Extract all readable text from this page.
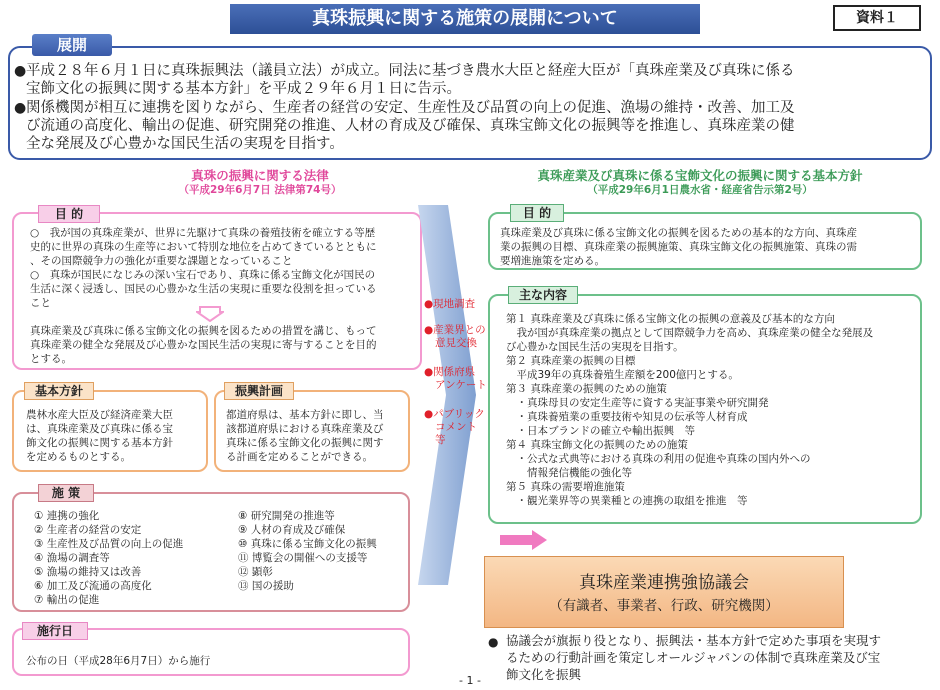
真珠振興に関する施策の展開について	資料１
展開
● 平成２８年６月１日に真珠振興法（議員立法）が成立。同法に基づき農水大臣と経産大臣が「真珠産業及び真珠に係る
宝飾文化の振興に関する基本方針」を平成２９年６月１日に告示。
● 関係機関が相互に連携を図りながら、生産者の経営の安定、生産性及び品質の向上の促進、漁場の維持・改善、加工及
び流通の高度化、輸出の促進、研究開発の推進、人材の育成及び確保、真珠宝飾文化の振興等を推進し、真珠産業の健
全な発展及び心豊かな国民生活の実現を目指す。
真珠の振興に関する法律
（平成29年6月7日 法律第74号）
真珠産業及び真珠に係る宝飾文化の振興に関する基本方針
（平成29年6月1日農水省・経産省告示第2号）
目 的
○　我が国の真珠産業が、世界に先駆けて真珠の養殖技術を確立する等歴
史的に世界の真珠の生産等において特別な地位を占めてきているとともに
、その国際競争力の強化が重要な課題となっていること
○　真珠が国民になじみの深い宝石であり、真珠に係る宝飾文化が国民の
生活に深く浸透し、国民の心豊かな生活の実現に重要な役割を担っている
こと
真珠産業及び真珠に係る宝飾文化の振興を図るための措置を講じ、もって
真珠産業の健全な発展及び心豊かな国民生活の実現に寄与することを目的
とする。
基本方針
農林水産大臣及び経済産業大臣
は、真珠産業及び真珠に係る宝
飾文化の振興に関する基本方針
を定めるものとする。
振興計画
都道府県は、基本方針に即し、当
該都道府県における真珠産業及び
真珠に係る宝飾文化の振興に関す
る計画を定めることができる。
施 策
① 連携の強化
② 生産者の経営の安定
③ 生産性及び品質の向上の促進
④ 漁場の調査等
⑤ 漁場の維持又は改善
⑥ 加工及び流通の高度化
⑦ 輸出の促進
⑧ 研究開発の推進等
⑨ 人材の育成及び確保
⑩ 真珠に係る宝飾文化の振興
⑪ 博覧会の開催への支援等
⑫ 顕彰
⑬ 国の援助
施行日
公布の日（平成28年6月7日）から施行
●現地調査
●産業界との
意見交換
●関係府県
アンケート
●パブリック
コメント
等
目 的
真珠産業及び真珠に係る宝飾文化の振興を図るための基本的な方向、真珠産
業の振興の目標、真珠産業の振興施策、真珠宝飾文化の振興施策、真珠の需
要増進施策を定める。
主な内容
第１ 真珠産業及び真珠に係る宝飾文化の振興の意義及び基本的な方向
　我が国が真珠産業の拠点として国際競争力を高め、真珠産業の健全な発展及
び心豊かな国民生活の実現を目指す。
第２ 真珠産業の振興の目標
　平成39年の真珠養殖生産額を200億円とする。
第３ 真珠産業の振興のための施策
　・真珠母貝の安定生産等に資する実証事業や研究開発
　・真珠養殖業の重要技術や知見の伝承等人材育成
　・日本ブランドの確立や輸出振興　等
第４ 真珠宝飾文化の振興のための施策
　・公式な式典等における真珠の利用の促進や真珠の国内外への
　　情報発信機能の強化等
第５ 真珠の需要増進施策
　・観光業界等の異業種との連携の取組を推進　等
真珠産業連携強協議会
（有識者、事業者、行政、研究機関）
● 協議会が旗振り役となり、振興法・基本方針で定めた事項を実現す
るための行動計画を策定しオールジャパンの体制で真珠産業及び宝
飾文化を振興
- 1 -
